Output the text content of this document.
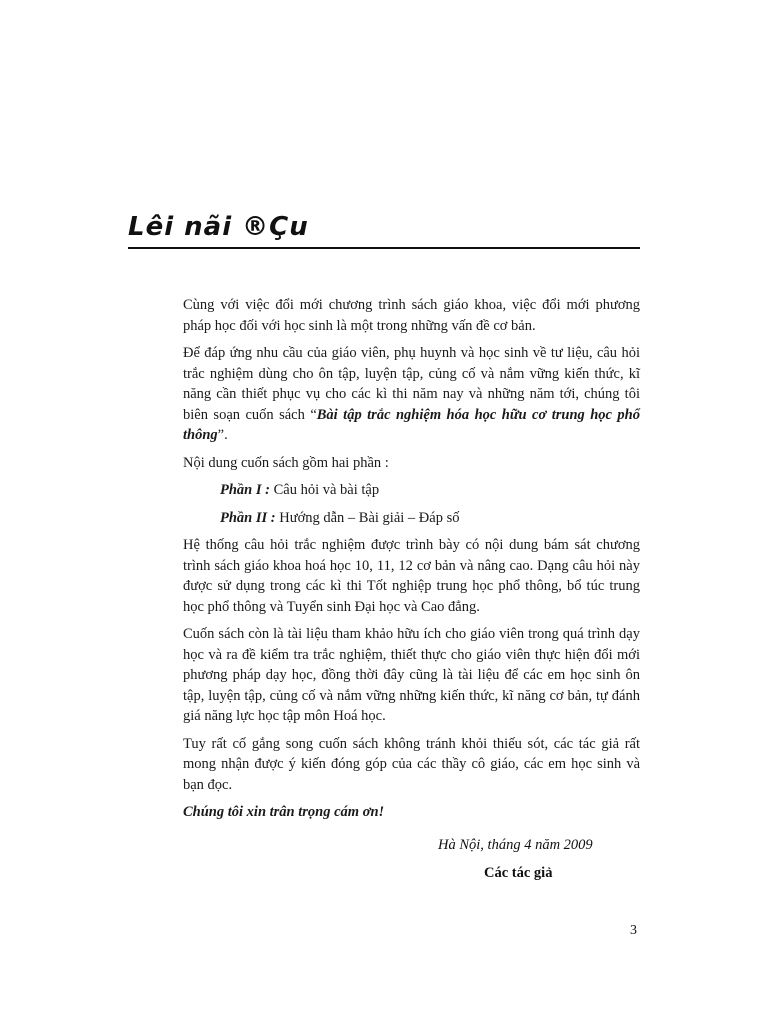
Lêi nãi ®Çu

Cùng với việc đổi mới chương trình sách giáo khoa, việc đổi mới phương pháp học đối với học sinh là một trong những vấn đề cơ bản.

Để đáp ứng nhu cầu của giáo viên, phụ huynh và học sinh về tư liệu, câu hỏi trắc nghiệm dùng cho ôn tập, luyện tập, củng cố và nắm vững kiến thức, kĩ năng cần thiết phục vụ cho các kì thi năm nay và những năm tới, chúng tôi biên soạn cuốn sách “Bài tập trắc nghiệm hóa học hữu cơ trung học phổ thông”.

Nội dung cuốn sách gồm hai phần :

Phần I : Câu hỏi và bài tập

Phần II : Hướng dẫn – Bài giải – Đáp số

Hệ thống câu hỏi trắc nghiệm được trình bày có nội dung bám sát chương trình sách giáo khoa hoá học 10, 11, 12 cơ bản và nâng cao. Dạng câu hỏi này được sử dụng trong các kì thi Tốt nghiệp trung học phổ thông, bổ túc trung học phổ thông và Tuyển sinh Đại học và Cao đẳng.

Cuốn sách còn là tài liệu tham khảo hữu ích cho giáo viên trong quá trình dạy học và ra đề kiểm tra trắc nghiệm, thiết thực cho giáo viên thực hiện đổi mới phương pháp dạy học, đồng thời đây cũng là tài liệu để các em học sinh ôn tập, luyện tập, củng cố và nắm vững những kiến thức, kĩ năng cơ bản, tự đánh giá năng lực học tập môn Hoá học.

Tuy rất cố gắng song cuốn sách không tránh khỏi thiếu sót, các tác giả rất mong nhận được ý kiến đóng góp của các thầy cô giáo, các em học sinh và bạn đọc.

Chúng tôi xin trân trọng cám ơn!

Hà Nội, tháng 4 năm 2009

Các tác giả

3
